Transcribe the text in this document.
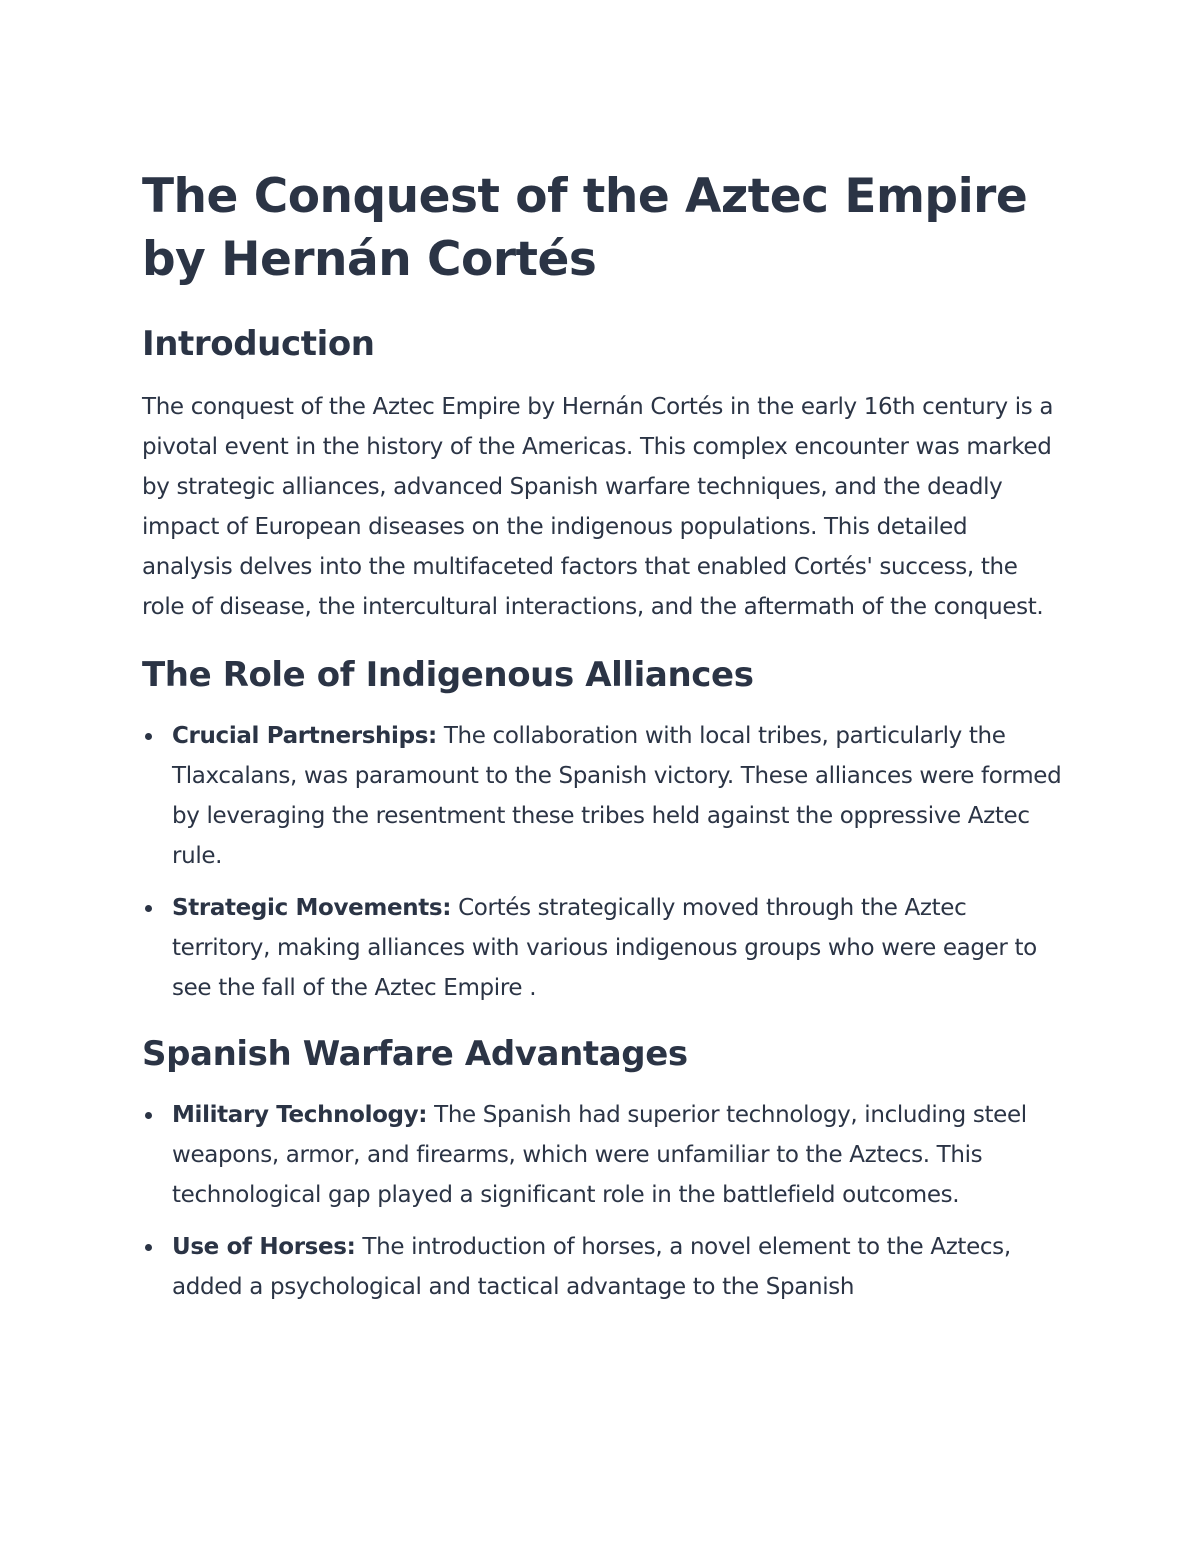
The Conquest of the Aztec Empire by Hernán Cortés
Introduction

The conquest of the Aztec Empire by Hernán Cortés in the early 16th century is a pivotal event in the history of the Americas. This complex encounter was marked by strategic alliances, advanced Spanish warfare techniques, and the deadly impact of European diseases on the indigenous populations. This detailed analysis delves into the multifaceted factors that enabled Cortés' success, the role of disease, the intercultural interactions, and the aftermath of the conquest.

The Role of Indigenous Alliances
Crucial Partnerships: The collaboration with local tribes, particularly the Tlaxcalans, was paramount to the Spanish victory. These alliances were formed by leveraging the resentment these tribes held against the oppressive Aztec rule.
Strategic Movements: Cortés strategically moved through the Aztec territory, making alliances with various indigenous groups who were eager to see the fall of the Aztec Empire .
Spanish Warfare Advantages
Military Technology: The Spanish had superior technology, including steel weapons, armor, and firearms, which were unfamiliar to the Aztecs. This technological gap played a significant role in the battlefield outcomes.
Use of Horses: The introduction of horses, a novel element to the Aztecs, added a psychological and tactical advantage to the Spanish
